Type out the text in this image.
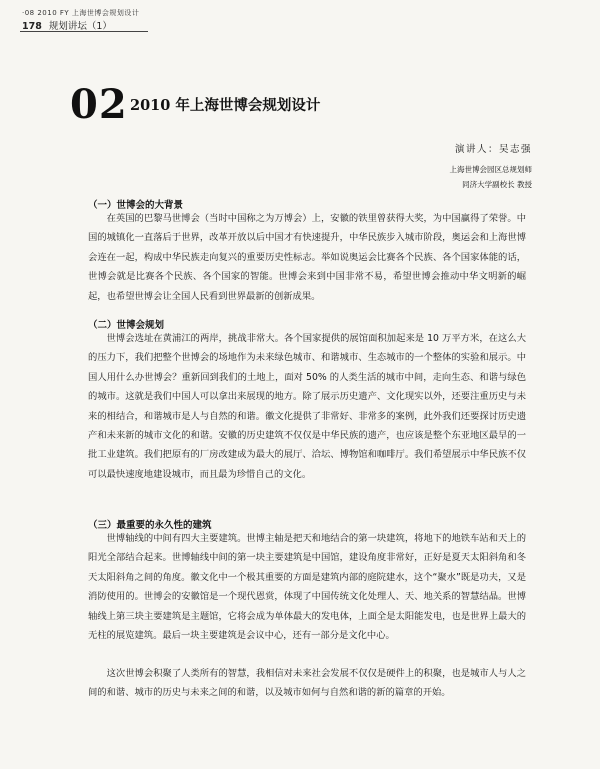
·08 2010 FY 上海世博会规划设计
178 规划讲坛（1）
02 2010 年上海世博会规划设计
演讲人：吴志强
上海世博会园区总规划师
同济大学副校长 教授
（一）世博会的大背景

在英国的巴黎马世博会（当时中国称之为万博会）上，安徽的铁里曾获得大奖，为中国赢得了荣誉。中国的城镇化一直落后于世界，改革开放以后中国才有快速提升，中华民族步入城市阶段，奥运会和上海世博会连在一起，构成中华民族走向复兴的重要历史性标志。举如说奥运会比赛各个民族、各个国家体能的话，世博会就是比赛各个民族、各个国家的智能。世博会来到中国非常不易，希望世博会推动中华文明新的崛起，也希望世博会让全国人民看到世界最新的创新成果。

（二）世博会规划

世博会选址在黄浦江的两岸，挑战非常大。各个国家提供的展馆面积加起来是 10 万平方米，在这么大的压力下，我们把整个世博会的场地作为未来绿色城市、和谐城市、生态城市的一个整体的实验和展示。中国人用什么办世博会？重新回到我们的土地上，面对 50% 的人类生活的城市中间，走向生态、和谐与绿色的城市。这就是我们中国人可以拿出来展现的地方。除了展示历史遗产、文化现实以外，还要注重历史与未来的相结合，和谐城市是人与自然的和谐。徽文化提供了非常好、非常多的案例，此外我们还要探讨历史遗产和未来新的城市文化的和谐。安徽的历史建筑不仅仅是中华民族的遗产，也应该是整个东亚地区最早的一批工业建筑。我们把原有的厂房改建成为最大的展厅、洽坛、博物馆和咖啡厅。我们希望展示中华民族不仅可以最快速度地建设城市，而且最为珍惜自己的文化。

（三）最重要的永久性的建筑

世博轴线的中间有四大主要建筑。世博主轴是把天和地结合的第一块建筑，将地下的地铁车站和天上的阳光全部结合起来。世博轴线中间的第一块主要建筑是中国馆，建设角度非常好，正好是夏天太阳斜角和冬天太阳斜角之间的角度。徽文化中一个极其重要的方面是建筑内部的庭院建水，这个“聚水”既是功夫，又是消防使用的。世博会的安徽馆是一个现代恩赏，体现了中国传统文化处理人、天、地关系的智慧结晶。世博轴线上第三块主要建筑是主题馆，它将会成为单体最大的发电体，上面全是太阳能发电，也是世界上最大的无柱的展览建筑。最后一块主要建筑是会议中心，还有一部分是文化中心。

这次世博会积聚了人类所有的智慧，我相信对未来社会发展不仅仅是硬件上的积聚，也是城市人与人之间的和谐、城市的历史与未来之间的和谐，以及城市如何与自然和谐的新的篇章的开始。
